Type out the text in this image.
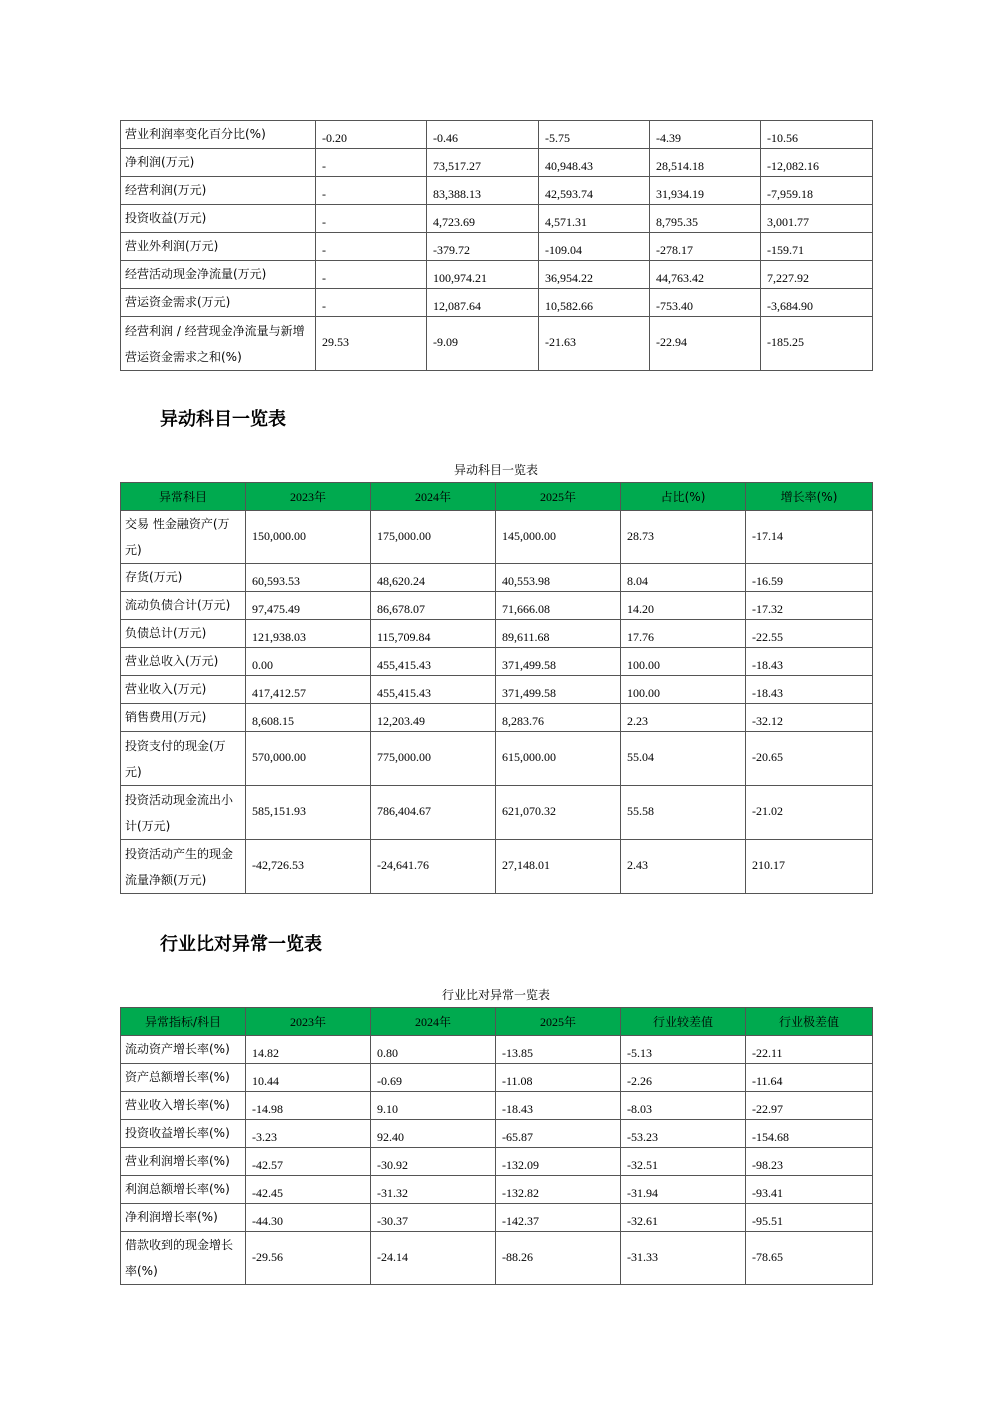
营业利润率变化百分比(%)	-0.20	-0.46	-5.75	-4.39	-10.56
净利润(万元)	-	73,517.27	40,948.43	28,514.18	-12,082.16
经营利润(万元)	-	83,388.13	42,593.74	31,934.19	-7,959.18
投资收益(万元)	-	4,723.69	4,571.31	8,795.35	3,001.77
营业外利润(万元)	-	-379.72	-109.04	-278.17	-159.71
经营活动现金净流量(万元)	-	100,974.21	36,954.22	44,763.42	7,227.92
营运资金需求(万元)	-	12,087.64	10,582.66	-753.40	-3,684.90
经营利润 / 经营现金净流量与新增营运资金需求之和(%)	29.53	-9.09	-21.63	-22.94	-185.25
异动科目一览表
异动科目一览表
异常科目	2023年	2024年	2025年	占比(%)	增长率(%)
交易 性金融资产(万元)	150,000.00	175,000.00	145,000.00	28.73	-17.14
存货(万元)	60,593.53	48,620.24	40,553.98	8.04	-16.59
流动负债合计(万元)	97,475.49	86,678.07	71,666.08	14.20	-17.32
负债总计(万元)	121,938.03	115,709.84	89,611.68	17.76	-22.55
营业总收入(万元)	0.00	455,415.43	371,499.58	100.00	-18.43
营业收入(万元)	417,412.57	455,415.43	371,499.58	100.00	-18.43
销售费用(万元)	8,608.15	12,203.49	8,283.76	2.23	-32.12
投资支付的现金(万元)	570,000.00	775,000.00	615,000.00	55.04	-20.65
投资活动现金流出小计(万元)	585,151.93	786,404.67	621,070.32	55.58	-21.02
投资活动产生的现金流量净额(万元)	-42,726.53	-24,641.76	27,148.01	2.43	210.17
行业比对异常一览表
行业比对异常一览表
异常指标/科目	2023年	2024年	2025年	行业较差值	行业极差值
流动资产增长率(%)	14.82	0.80	-13.85	-5.13	-22.11
资产总额增长率(%)	10.44	-0.69	-11.08	-2.26	-11.64
营业收入增长率(%)	-14.98	9.10	-18.43	-8.03	-22.97
投资收益增长率(%)	-3.23	92.40	-65.87	-53.23	-154.68
营业利润增长率(%)	-42.57	-30.92	-132.09	-32.51	-98.23
利润总额增长率(%)	-42.45	-31.32	-132.82	-31.94	-93.41
净利润增长率(%)	-44.30	-30.37	-142.37	-32.61	-95.51
借款收到的现金增长率(%)	-29.56	-24.14	-88.26	-31.33	-78.65
